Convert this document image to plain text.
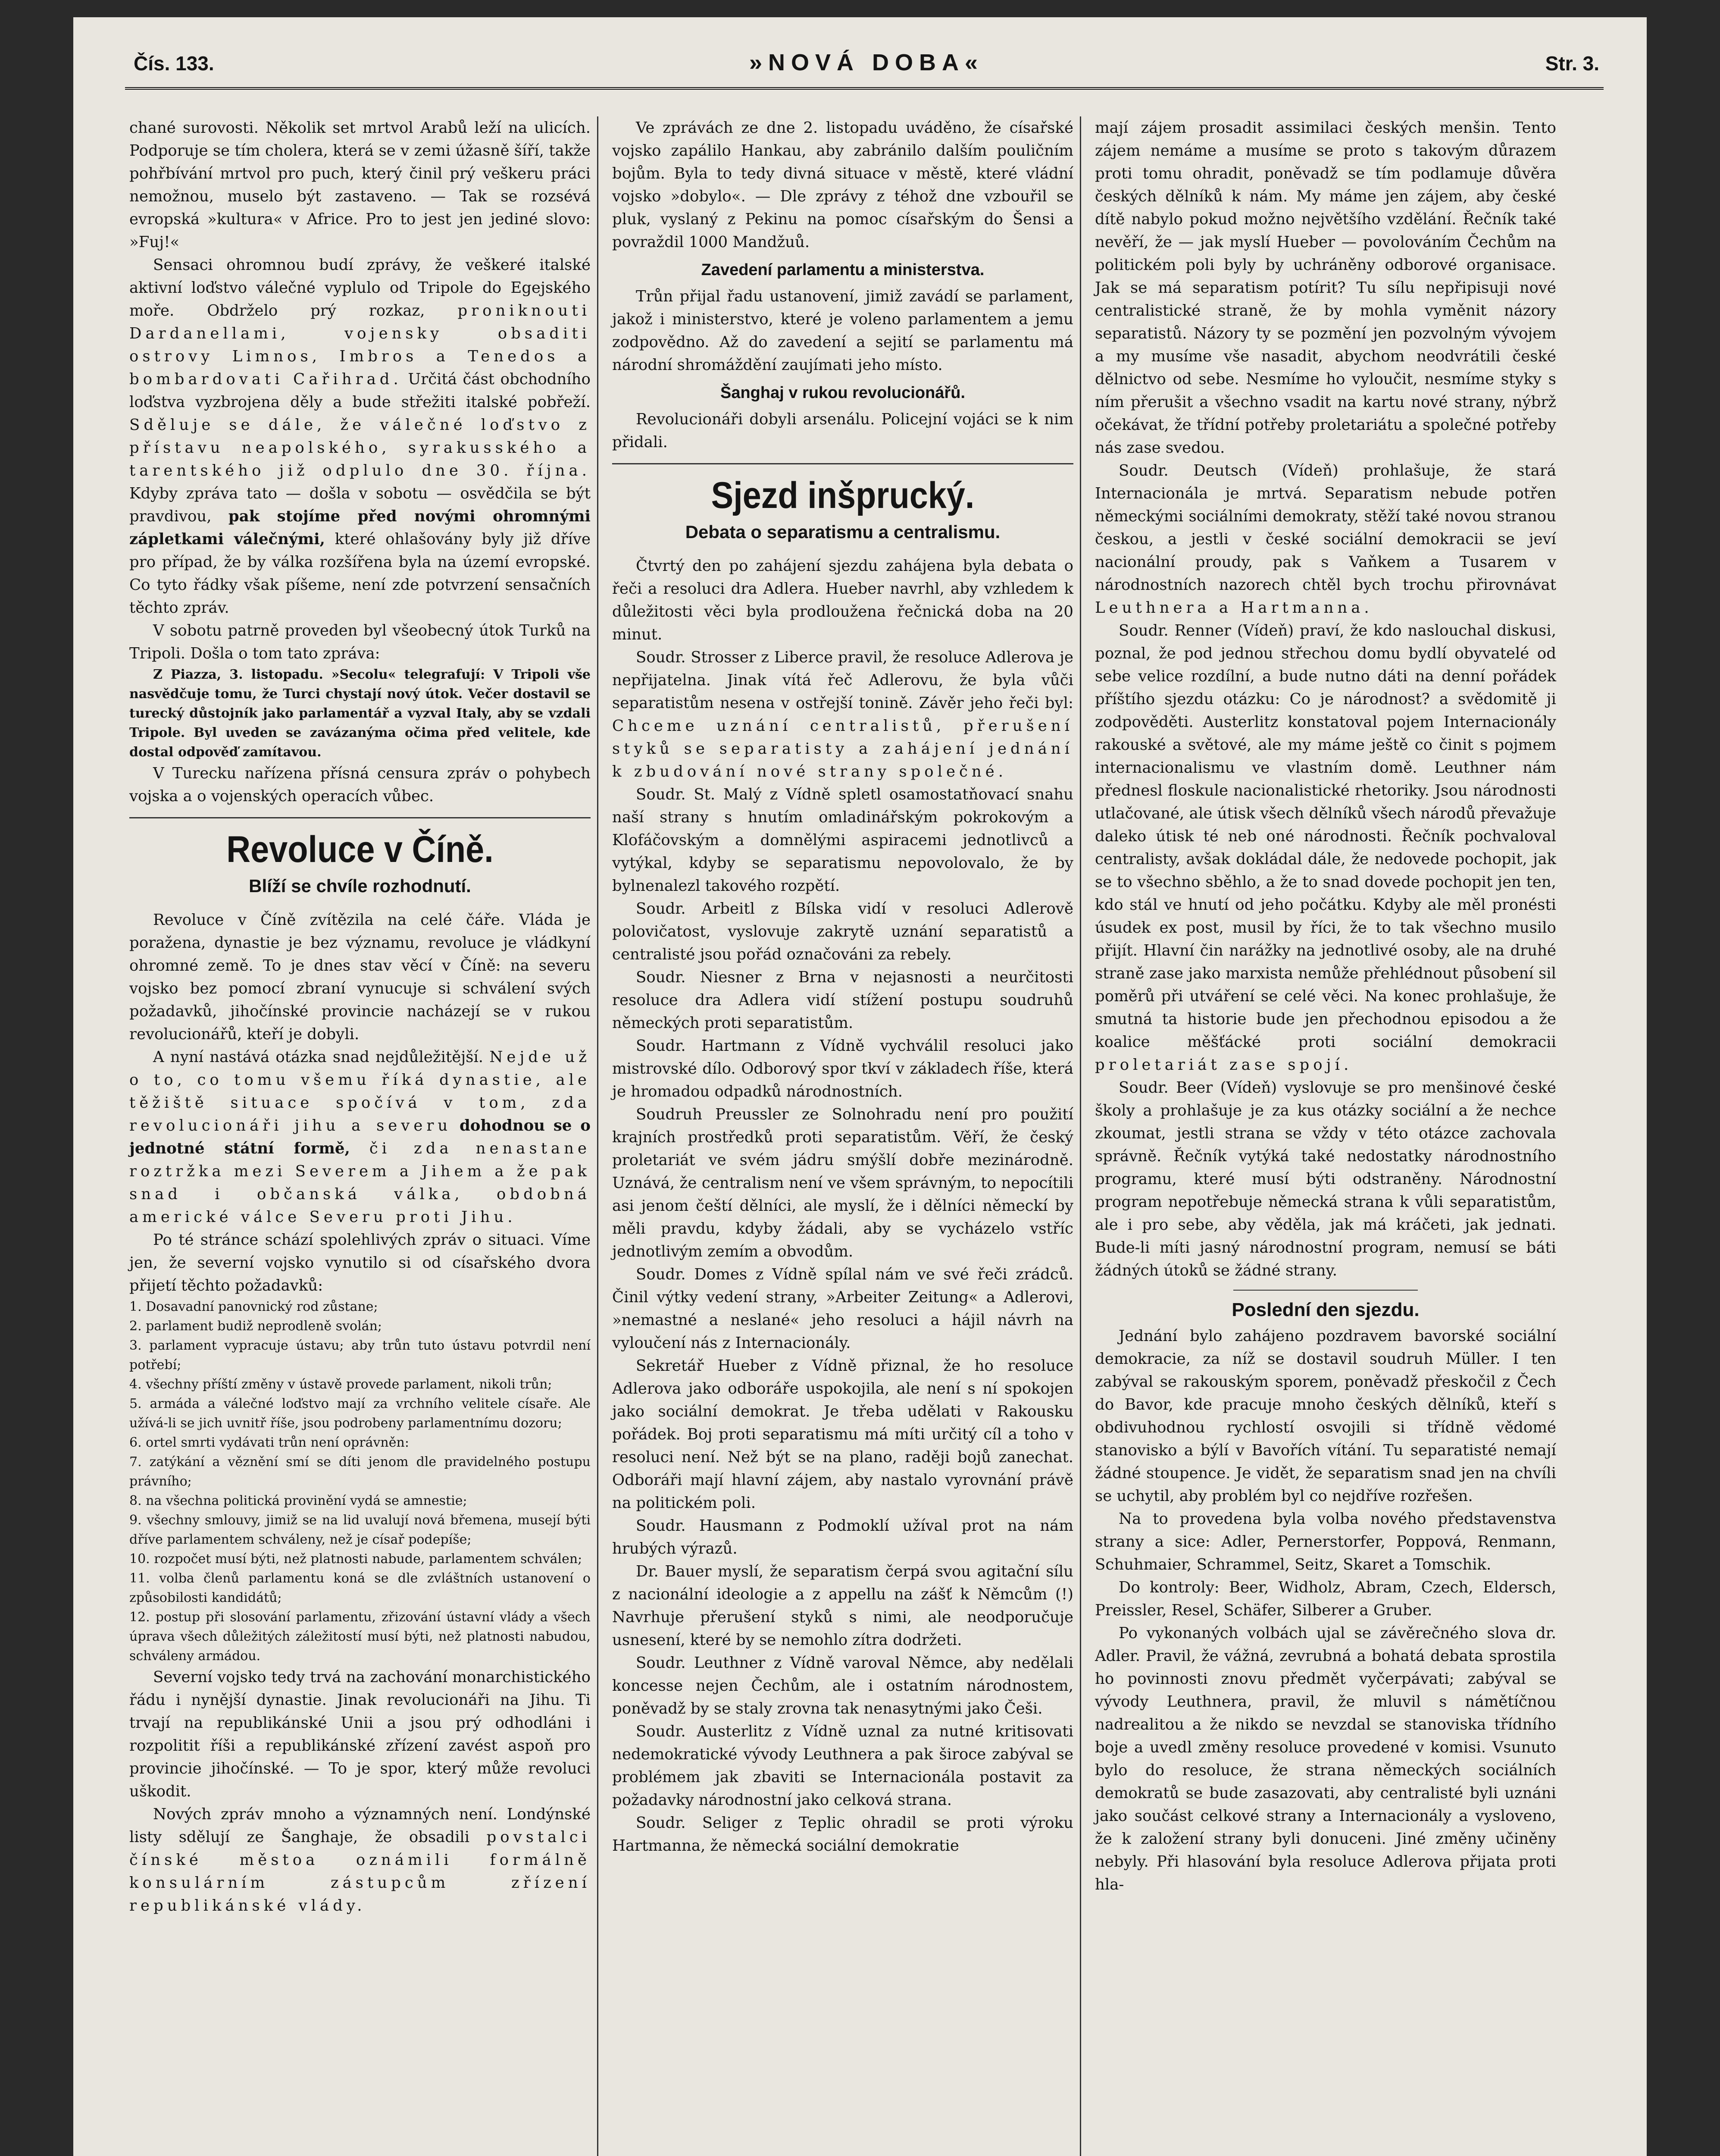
Čís. 133.	»NOVÁ DOBA«	Str. 3.

chané surovosti. Několik set mrtvol Arabů leží na ulicích. Podporuje se tím cholera, která se v zemi úžasně šíří, takže pohřbívání mrtvol pro puch, který činil prý veškeru práci nemožnou, muselo být zastaveno. — Tak se rozsévá evropská »kultura« v Africe. Pro to jest jen jediné slovo: »Fuj!«

Sensaci ohromnou budí zprávy, že veškeré italské aktivní loďstvo válečné vyplulo od Tripole do Egejského moře. Obdrželo prý rozkaz, proniknouti Dardanellami, vojensky obsaditi ostrovy Limnos, Imbros a Tenedos a bombardovati Cařihrad. Určitá část obchodního loďstva vyzbrojena děly a bude střežiti italské pobřeží. Sděluje se dále, že válečné loďstvo z přístavu neapolského, syrakusského a tarentského již odplulo dne 30. října. Kdyby zpráva tato — došla v sobotu — osvědčila se být pravdivou, pak stojíme před novými ohromnými zápletkami válečnými, které ohlašovány byly již dříve pro případ, že by válka rozšířena byla na území evropské. Co tyto řádky však píšeme, není zde potvrzení sensačních těchto zpráv.

V sobotu patrně proveden byl všeobecný útok Turků na Tripoli. Došla o tom tato zpráva:

Z Piazza, 3. listopadu. »Secolu« telegrafují: V Tripoli vše nasvědčuje tomu, že Turci chystají nový útok. Večer dostavil se turecký důstojník jako parlamentář a vyzval Italy, aby se vzdali Tripole. Byl uveden se zavázanýma očima před velitele, kde dostal odpověď zamítavou.

V Turecku nařízena přísná censura zpráv o pohybech vojska a o vojenských operacích vůbec.

Revoluce v Číně.
Blíží se chvíle rozhodnutí.

Revoluce v Číně zvítězila na celé čáře. Vláda je poražena, dynastie je bez významu, revoluce je vládkyní ohromné země. To je dnes stav věcí v Číně: na severu vojsko bez pomocí zbraní vynucuje si schválení svých požadavků, jihočínské provincie nacházejí se v rukou revolucionářů, kteří je dobyli.

A nyní nastává otázka snad nejdůležitější. Nejde už o to, co tomu všemu říká dynastie, ale těžiště situace spočívá v tom, zda revolucionáři jihu a severu dohodnou se o jednotné státní formě, či zda nenastane roztržka mezi Severem a Jihem a že pak snad i občanská válka, obdobná americké válce Severu proti Jihu.

Po té stránce schází spolehlivých zpráv o situaci. Víme jen, že severní vojsko vynutilo si od císařského dvora přijetí těchto požadavků:

1. Dosavadní panovnický rod zůstane;

2. parlament budiž neprodleně svolán;

3. parlament vypracuje ústavu; aby trůn tuto ústavu potvrdil není potřebí;

4. všechny příští změny v ústavě provede parlament, nikoli trůn;

5. armáda a válečné loďstvo mají za vrchního velitele císaře. Ale užívá-li se jich uvnitř říše, jsou podrobeny parlamentnímu dozoru;

6. ortel smrti vydávati trůn není oprávněn:

7. zatýkání a věznění smí se díti jenom dle pravidelného postupu právního;

8. na všechna politická provinění vydá se amnestie;

9. všechny smlouvy, jimiž se na lid uvalují nová břemena, musejí býti dříve parlamentem schváleny, než je císař podepíše;

10. rozpočet musí býti, než platnosti nabude, parlamentem schválen;

11. volba členů parlamentu koná se dle zvláštních ustanovení o způsobilosti kandidátů;

12. postup při slosování parlamentu, zřizování ústavní vlády a všech úprava všech důležitých záležitostí musí býti, než platnosti nabudou, schváleny armádou.

Severní vojsko tedy trvá na zachování monarchistického řádu i nynější dynastie. Jinak revolucionáři na Jihu. Ti trvají na republikánské Unii a jsou prý odhodláni i rozpolitit říši a republikánské zřízení zavést aspoň pro provincie jihočínské. — To je spor, který může revoluci uškodit.

Nových zpráv mnoho a významných není. Londýnské listy sdělují ze Šanghaje, že obsadili povstalci čínské městoa oznámili formálně konsulárním zástupcům zřízení republikánské vlády.

Ve zprávách ze dne 2. listopadu uváděno, že císařské vojsko zapálilo Hankau, aby zabránilo dalším pouličním bojům. Byla to tedy divná situace v městě, které vládní vojsko »dobylo«. — Dle zprávy z téhož dne vzbouřil se pluk, vyslaný z Pekinu na pomoc císařským do Šensi a povraždil 1000 Mandžuů.

Zavedení parlamentu a ministerstva.

Trůn přijal řadu ustanovení, jimiž zavádí se parlament, jakož i ministerstvo, které je voleno parlamentem a jemu zodpovědno. Až do zavedení a sejití se parlamentu má národní shromáždění zaujímati jeho místo.

Šanghaj v rukou revolucionářů.

Revolucionáři dobyli arsenálu. Policejní vojáci se k nim přidali.

Sjezd inšprucký.
Debata o separatismu a centralismu.

Čtvrtý den po zahájení sjezdu zahájena byla debata o řeči a resoluci dra Adlera. Hueber navrhl, aby vzhledem k důležitosti věci byla prodloužena řečnická doba na 20 minut.

Soudr. Strosser z Liberce pravil, že resoluce Adlerova je nepřijatelna. Jinak vítá řeč Adlerovu, že byla vůči separatistům nesena v ostřejší tonině. Závěr jeho řeči byl: Chceme uznání centralistů, přerušení styků se separatisty a zahájení jednání k zbudování nové strany společné.

Soudr. St. Malý z Vídně spletl osamostatňovací snahu naší strany s hnutím omladinářským pokrokovým a Klofáčovským a domnělými aspiracemi jednotlivců a vytýkal, kdyby se separatismu nepovolovalo, že by bylnenalezl takového rozpětí.

Soudr. Arbeitl z Bílska vidí v resoluci Adlerově polovičatost, vyslovuje zakrytě uznání separatistů a centralisté jsou pořád označováni za rebely.

Soudr. Niesner z Brna v nejasnosti a neurčitosti resoluce dra Adlera vidí stížení postupu soudruhů německých proti separatistům.

Soudr. Hartmann z Vídně vychválil resoluci jako mistrovské dílo. Odborový spor tkví v základech říše, která je hromadou odpadků národnostních.

Soudruh Preussler ze Solnohradu není pro použití krajních prostředků proti separatistům. Věří, že český proletariát ve svém jádru smýšlí dobře mezinárodně. Uznává, že centralism není ve všem správným, to nepocítili asi jenom čeští dělníci, ale myslí, že i dělníci německí by měli pravdu, kdyby žádali, aby se vycházelo vstříc jednotlivým zemím a obvodům.

Soudr. Domes z Vídně spílal nám ve své řeči zrádců. Činil výtky vedení strany, »Arbeiter Zeitung« a Adlerovi, »nemastné a neslané« jeho resoluci a hájil návrh na vyloučení nás z Internacionály.

Sekretář Hueber z Vídně přiznal, že ho resoluce Adlerova jako odboráře uspokojila, ale není s ní spokojen jako sociální demokrat. Je třeba udělati v Rakousku pořádek. Boj proti separatismu má míti určitý cíl a toho v resoluci není. Než být se na plano, raději bojů zanechat. Odboráři mají hlavní zájem, aby nastalo vyrovnání právě na politickém poli.

Soudr. Hausmann z Podmoklí užíval prot na nám hrubých výrazů.

Dr. Bauer myslí, že separatism čerpá svou agitační sílu z nacionální ideologie a z appellu na zášť k Němcům (!) Navrhuje přerušení styků s nimi, ale neodporučuje usnesení, které by se nemohlo zítra dodržeti.

Soudr. Leuthner z Vídně varoval Němce, aby nedělali koncesse nejen Čechům, ale i ostatním národnostem, poněvadž by se staly zrovna tak nenasytnými jako Češi.

Soudr. Austerlitz z Vídně uznal za nutné kritisovati nedemokratické vývody Leuthnera a pak široce zabýval se problémem jak zbaviti se Internacionála postavit za požadavky národnostní jako celková strana.

Soudr. Seliger z Teplic ohradil se proti výroku Hartmanna, že německá sociální demokratie

mají zájem prosadit assimilaci českých menšin. Tento zájem nemáme a musíme se proto s takovým důrazem proti tomu ohradit, poněvadž se tím podlamuje důvěra českých dělníků k nám. My máme jen zájem, aby české dítě nabylo pokud možno největšího vzdělání. Řečník také nevěří, že — jak myslí Hueber — povolováním Čechům na politickém poli byly by uchráněny odborové organisace. Jak se má separatism potírit? Tu sílu nepřipisuji nové centralistické straně, že by mohla vyměnit názory separatistů. Názory ty se pozmění jen pozvolným vývojem a my musíme vše nasadit, abychom neodvrátili české dělnictvo od sebe. Nesmíme ho vyloučit, nesmíme styky s ním přerušit a všechno vsadit na kartu nové strany, nýbrž očekávat, že třídní potřeby proletariátu a společné potřeby nás zase svedou.

Soudr. Deutsch (Vídeň) prohlašuje, že stará Internacionála je mrtvá. Separatism nebude potřen německými sociálními demokraty, stěží také novou stranou českou, a jestli v české sociální demokracii se jeví nacionální proudy, pak s Vaňkem a Tusarem v národnostních nazorech chtěl bych trochu přirovnávat Leuthnera a Hartmanna.

Soudr. Renner (Vídeň) praví, že kdo naslouchal diskusi, poznal, že pod jednou střechou domu bydlí obyvatelé od sebe velice rozdílní, a bude nutno dáti na denní pořádek příštího sjezdu otázku: Co je národnost? a svědomitě ji zodpověděti. Austerlitz konstatoval pojem Internacionály rakouské a světové, ale my máme ještě co činit s pojmem internacionalismu ve vlastním domě. Leuthner nám přednesl floskule nacionalistické rhetoriky. Jsou národnosti utlačované, ale útisk všech dělníků všech národů převažuje daleko útisk té neb oné národnosti. Řečník pochvaloval centralisty, avšak dokládal dále, že nedovede pochopit, jak se to všechno sběhlo, a že to snad dovede pochopit jen ten, kdo stál ve hnutí od jeho počátku. Kdyby ale měl pronésti úsudek ex post, musil by říci, že to tak všechno musilo přijít. Hlavní čin narážky na jednotlivé osoby, ale na druhé straně zase jako marxista nemůže přehlédnout působení sil poměrů při utváření se celé věci. Na konec prohlašuje, že smutná ta historie bude jen přechodnou episodou a že koalice měšťácké proti sociální demokracii proletariát zase spojí.

Soudr. Beer (Vídeň) vyslovuje se pro menšinové české školy a prohlašuje je za kus otázky sociální a že nechce zkoumat, jestli strana se vždy v této otázce zachovala správně. Řečník vytýká také nedostatky národnostního programu, které musí býti odstraněny. Národnostní program nepotřebuje německá strana k vůli separatistům, ale i pro sebe, aby věděla, jak má kráčeti, jak jednati. Bude-li míti jasný národnostní program, nemusí se báti žádných útoků se žádné strany.

Poslední den sjezdu.

Jednání bylo zahájeno pozdravem bavorské sociální demokracie, za níž se dostavil soudruh Müller. I ten zabýval se rakouským sporem, poněvadž přeskočil z Čech do Bavor, kde pracuje mnoho českých dělníků, kteří s obdivuhodnou rychlostí osvojili si třídně vědomé stanovisko a býlí v Bavořích vítání. Tu separatisté nemají žádné stoupence. Je vidět, že separatism snad jen na chvíli se uchytil, aby problém byl co nejdříve rozřešen.

Na to provedena byla volba nového představenstva strany a sice: Adler, Pernerstorfer, Poppová, Renmann, Schuhmaier, Schrammel, Seitz, Skaret a Tomschik.

Do kontroly: Beer, Widholz, Abram, Czech, Eldersch, Preissler, Resel, Schäfer, Silberer a Gruber.

Po vykonaných volbách ujal se závěrečného slova dr. Adler. Pravil, že vážná, zevrubná a bohatá debata sprostila ho povinnosti znovu předmět vyčerpávati; zabýval se vývody Leuthnera, pravil, že mluvil s námětíčnou nadrealitou a že nikdo se nevzdal se stanoviska třídního boje a uvedl změny resoluce provedené v komisi. Vsunuto bylo do resoluce, že strana německých sociálních demokratů se bude zasazovati, aby centralisté byli uznáni jako součást celkové strany a Internacionály a vysloveno, že k založení strany byli donuceni. Jiné změny učiněny nebyly. Při hlasování byla resoluce Adlerova přijata proti hla-
